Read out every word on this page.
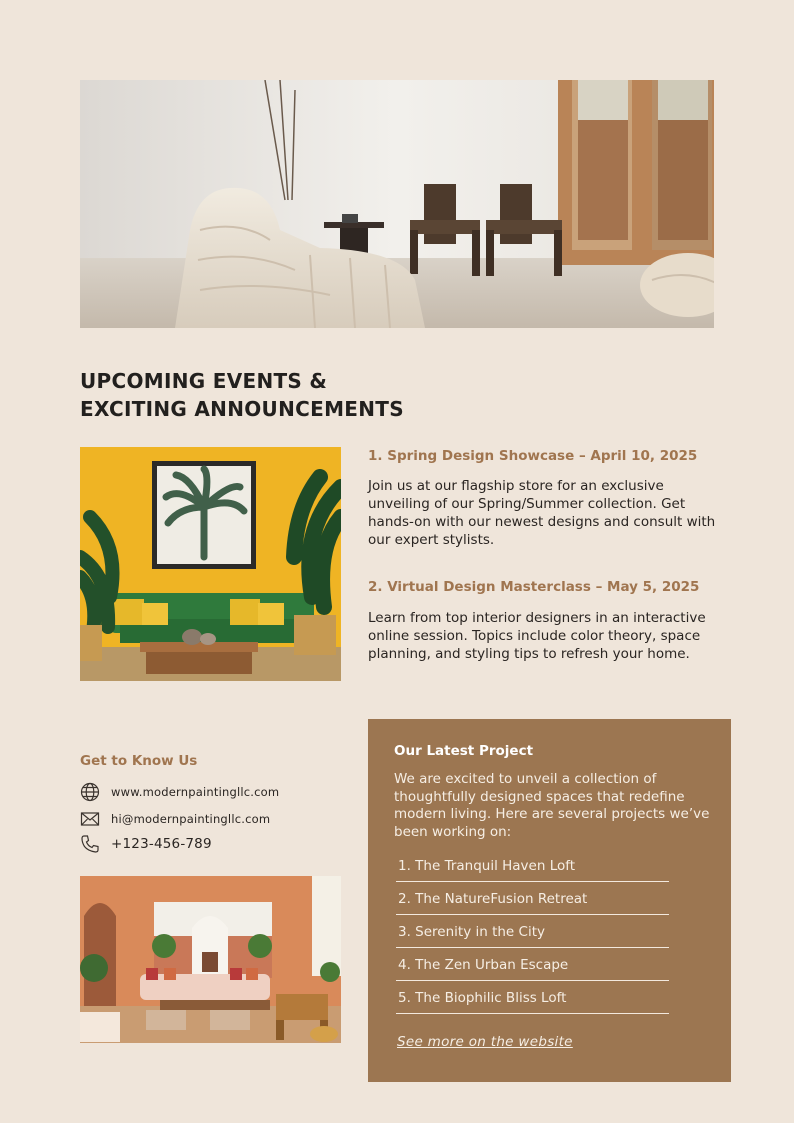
UPCOMING EVENTS &
EXCITING ANNOUNCEMENTS

1. Spring Design Showcase – April 10, 2025

Join us at our flagship store for an exclusive unveiling of our Spring/Summer collection. Get hands-on with our newest designs and consult with our expert stylists.

2. Virtual Design Masterclass – May 5, 2025

Learn from top interior designers in an interactive online session. Topics include color theory, space planning, and styling tips to refresh your home.

Get to Know Us

www.modernpaintingllc.com
hi@modernpaintingllc.com
+123-456-789

Our Latest Project

We are excited to unveil a collection of thoughtfully designed spaces that redefine modern living. Here are several projects we’ve been working on:

1. The Tranquil Haven Loft
2. The NatureFusion Retreat
3. Serenity in the City
4. The Zen Urban Escape
5. The Biophilic Bliss Loft
See more on the website
